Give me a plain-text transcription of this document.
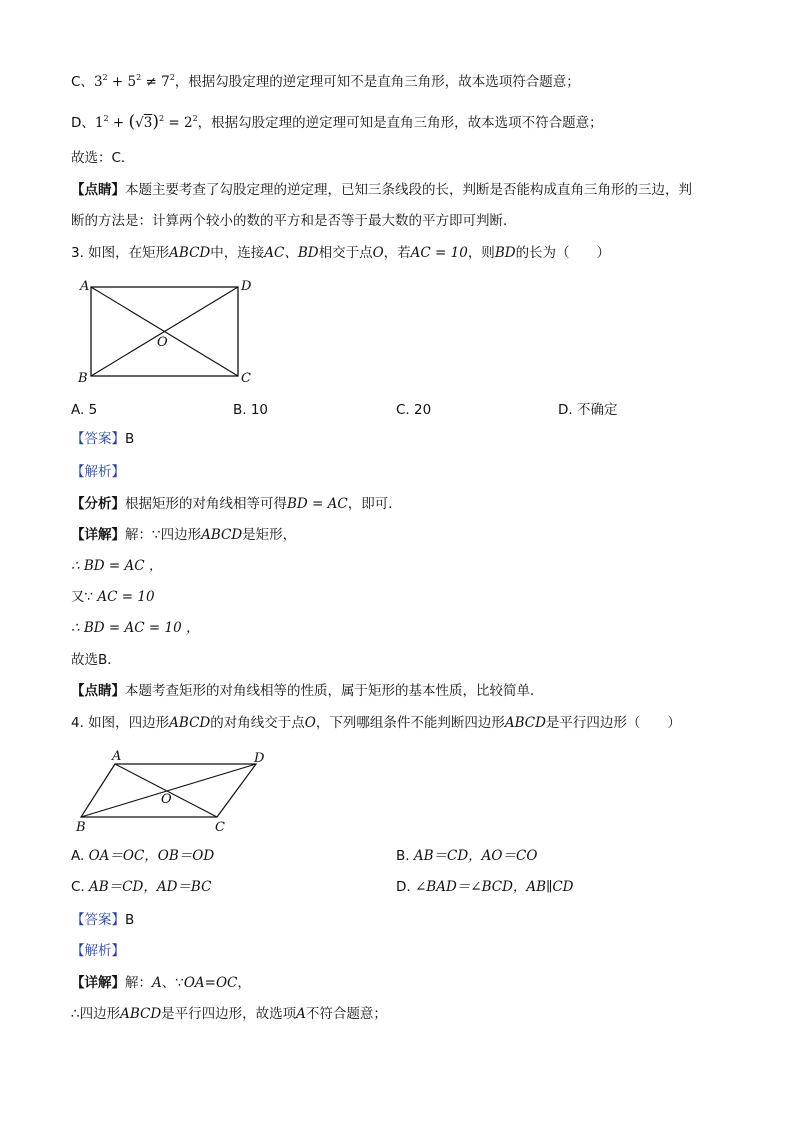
C、$3^2 + 5^2 \ne 7^2$，根据勾股定理的逆定理可知不是直角三角形，故本选项符合题意；
D、$1^2 + (√3)^2 = 2^2$，根据勾股定理的逆定理可知是直角三角形，故本选项不符合题意；
故选：C．
【点睛】本题主要考查了勾股定理的逆定理，已知三条线段的长，判断是否能构成直角三角形的三边，判
断的方法是：计算两个较小的数的平方和是否等于最大数的平方即可判断．
3. 如图，在矩形ABCD中，连接AC、BD相交于点O，若AC = 10，则BD的长为（　　）
A	D
B	C
O
A. 5	B. 10	C. 20	D. 不确定
【答案】B
【解析】
【分析】根据矩形的对角线相等可得BD = AC，即可．
【详解】解：∵四边形ABCD是矩形，
∴ BD = AC ，
又∵ AC = 10
∴ BD = AC = 10 ，
故选B．
【点睛】本题考查矩形的对角线相等的性质，属于矩形的基本性质，比较简单．
4. 如图，四边形ABCD的对角线交于点O，下列哪组条件不能判断四边形ABCD是平行四边形（　　）
A	D
B	C
O
A. OA＝OC，OB＝OD	B. AB＝CD，AO＝CO
C. AB＝CD，AD＝BC	D. ∠BAD＝∠BCD，AB∥CD
【答案】B
【解析】
【详解】解：A、∵OA=OC，
∴四边形ABCD是平行四边形，故选项A不符合题意；
